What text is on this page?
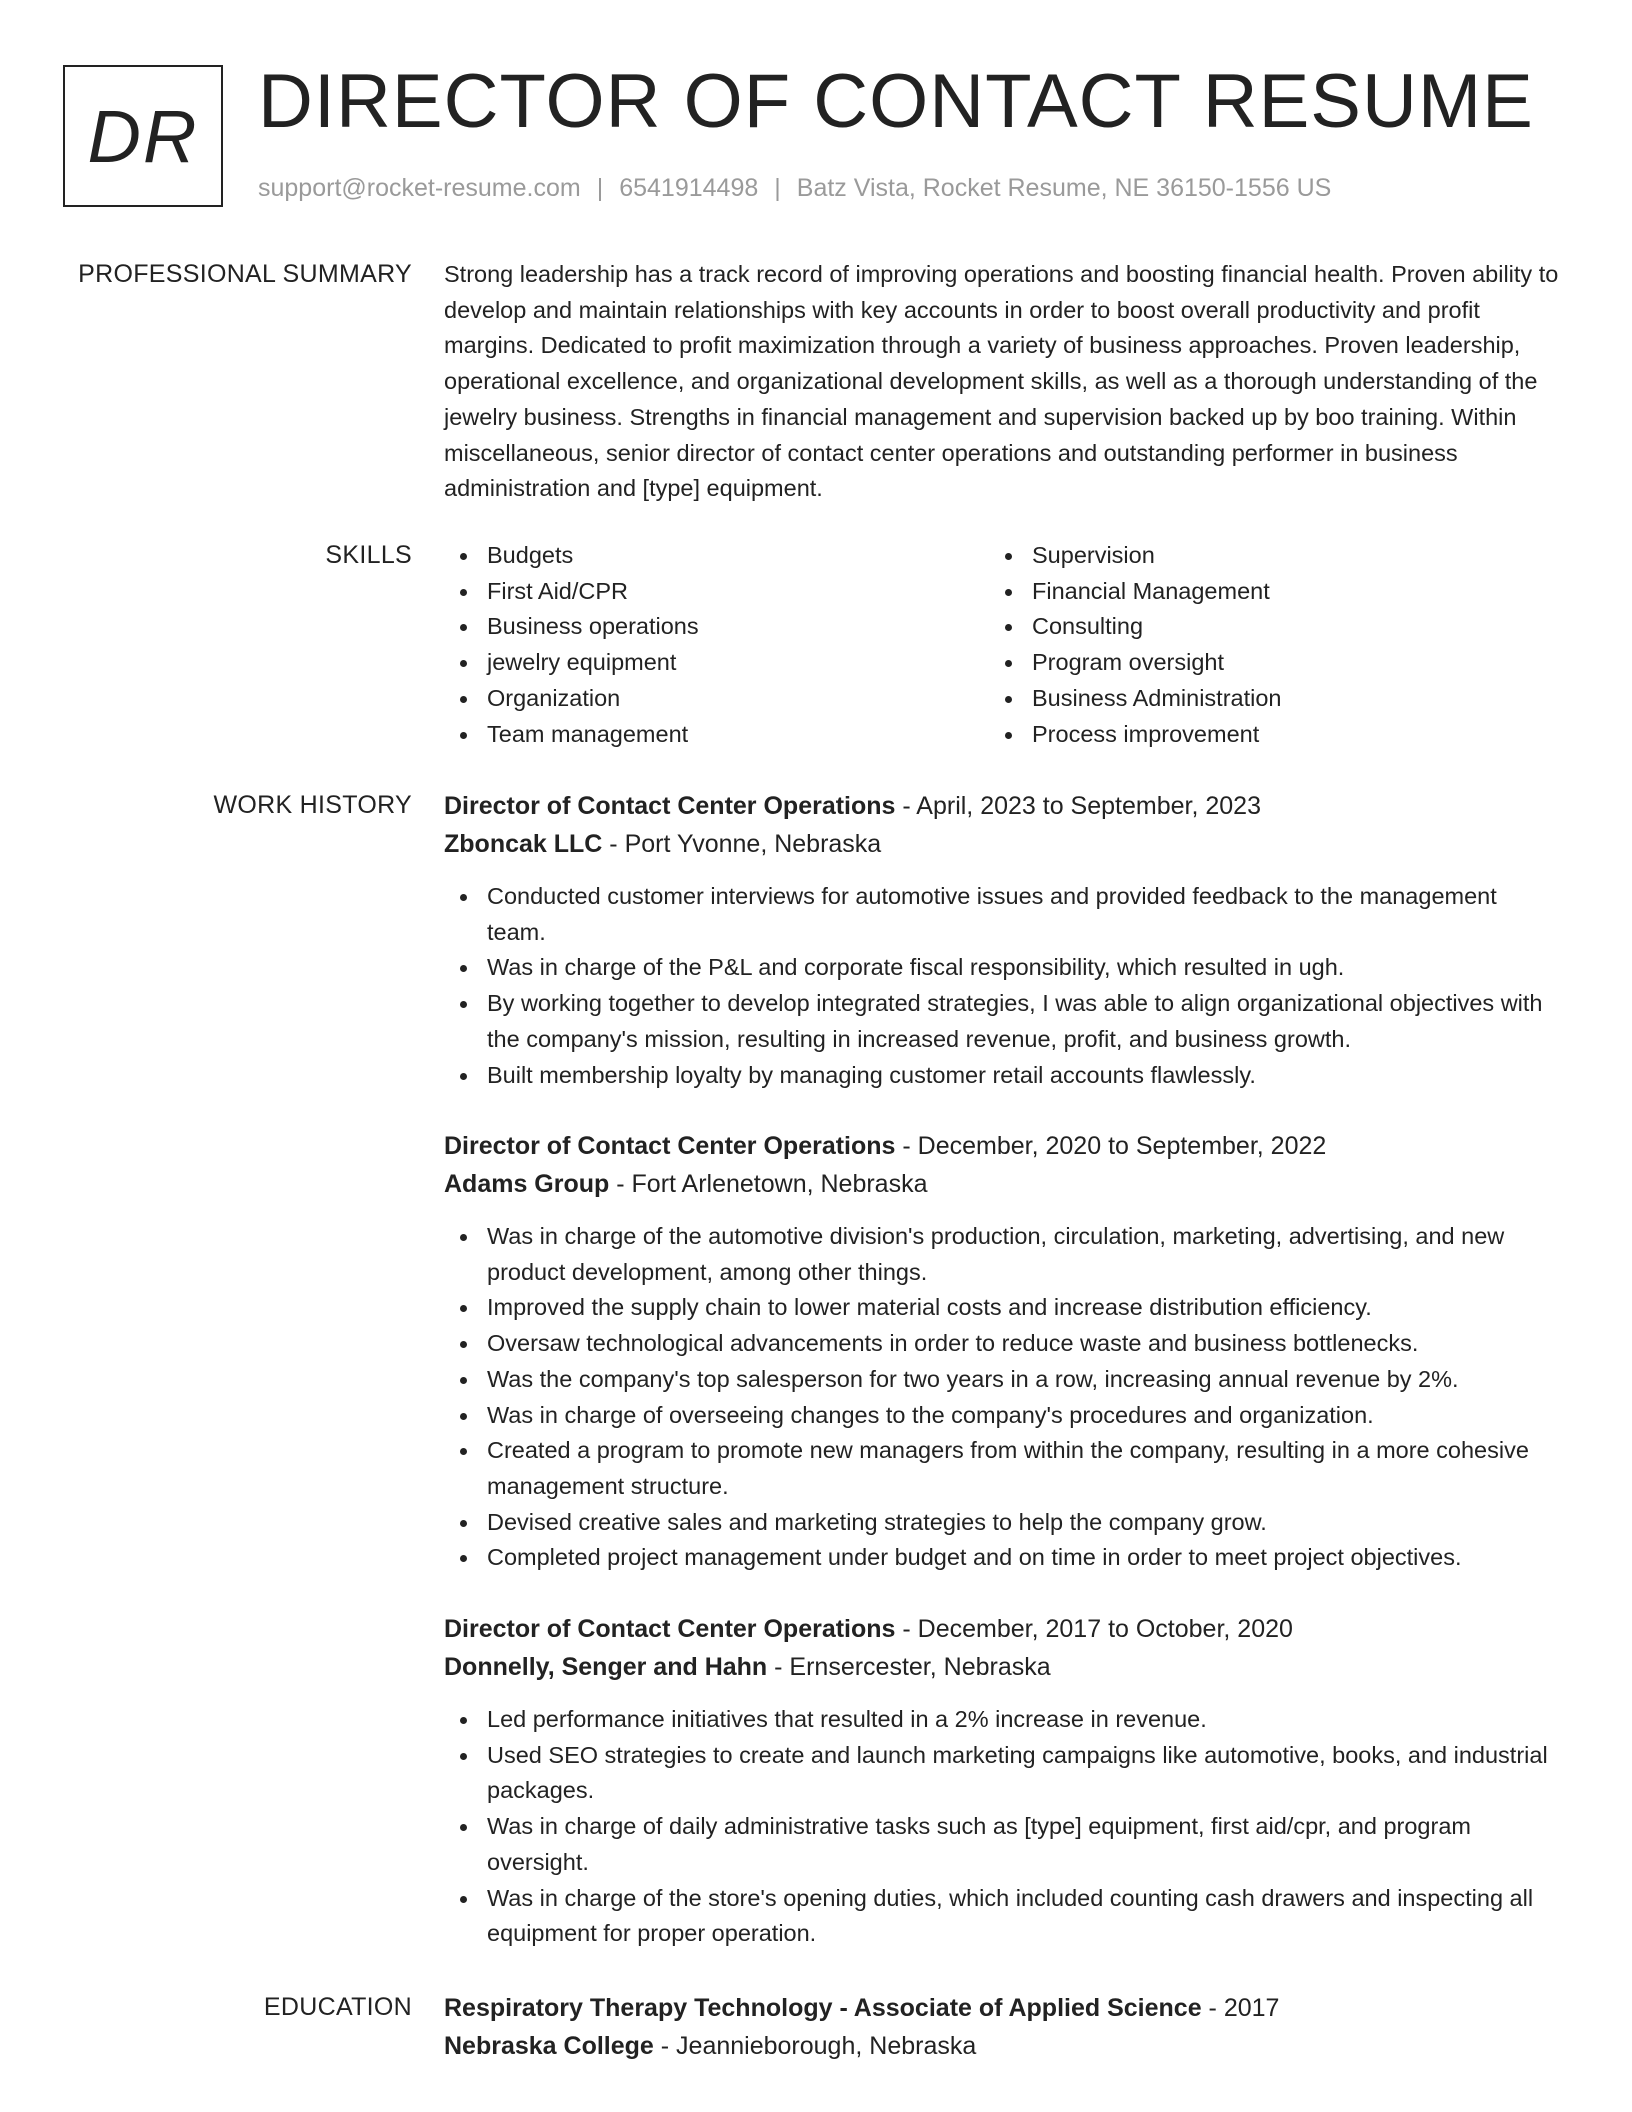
DR DIRECTOR OF CONTACT RESUME
support@rocket-resume.com | 6541914498 | Batz Vista, Rocket Resume, NE 36150-1556 US
PROFESSIONAL SUMMARY Strong leadership has a track record of improving operations and boosting financial health. Proven ability to develop and maintain relationships with key accounts in order to boost overall productivity and profit margins. Dedicated to profit maximization through a variety of business approaches. Proven leadership, operational excellence, and organizational development skills, as well as a thorough understanding of the jewelry business. Strengths in financial management and supervision backed up by boo training. Within miscellaneous, senior director of contact center operations and outstanding performer in business administration and [type] equipment.

SKILLS	Budgets
First Aid/CPR
Business operations
jewelry equipment
Organization
Team management
Supervision
Financial Management
Consulting
Program oversight
Business Administration
Process improvement
WORK HISTORY Director of Contact Center Operations - April, 2023 to September, 2023
Zboncak LLC - Port Yvonne, Nebraska
Conducted customer interviews for automotive issues and provided feedback to the management team.
Was in charge of the P&L and corporate fiscal responsibility, which resulted in ugh.
By working together to develop integrated strategies, I was able to align organizational objectives with the company's mission, resulting in increased revenue, profit, and business growth.
Built membership loyalty by managing customer retail accounts flawlessly.
Director of Contact Center Operations - December, 2020 to September, 2022
Adams Group - Fort Arlenetown, Nebraska
Was in charge of the automotive division's production, circulation, marketing, advertising, and new product development, among other things.
Improved the supply chain to lower material costs and increase distribution efficiency.
Oversaw technological advancements in order to reduce waste and business bottlenecks.
Was the company's top salesperson for two years in a row, increasing annual revenue by 2%.
Was in charge of overseeing changes to the company's procedures and organization.
Created a program to promote new managers from within the company, resulting in a more cohesive management structure.
Devised creative sales and marketing strategies to help the company grow.
Completed project management under budget and on time in order to meet project objectives.
Director of Contact Center Operations - December, 2017 to October, 2020
Donnelly, Senger and Hahn - Ernsercester, Nebraska
Led performance initiatives that resulted in a 2% increase in revenue.
Used SEO strategies to create and launch marketing campaigns like automotive, books, and industrial packages.
Was in charge of daily administrative tasks such as [type] equipment, first aid/cpr, and program oversight.
Was in charge of the store's opening duties, which included counting cash drawers and inspecting all equipment for proper operation.
EDUCATION Respiratory Therapy Technology - Associate of Applied Science - 2017
Nebraska College - Jeannieborough, Nebraska
